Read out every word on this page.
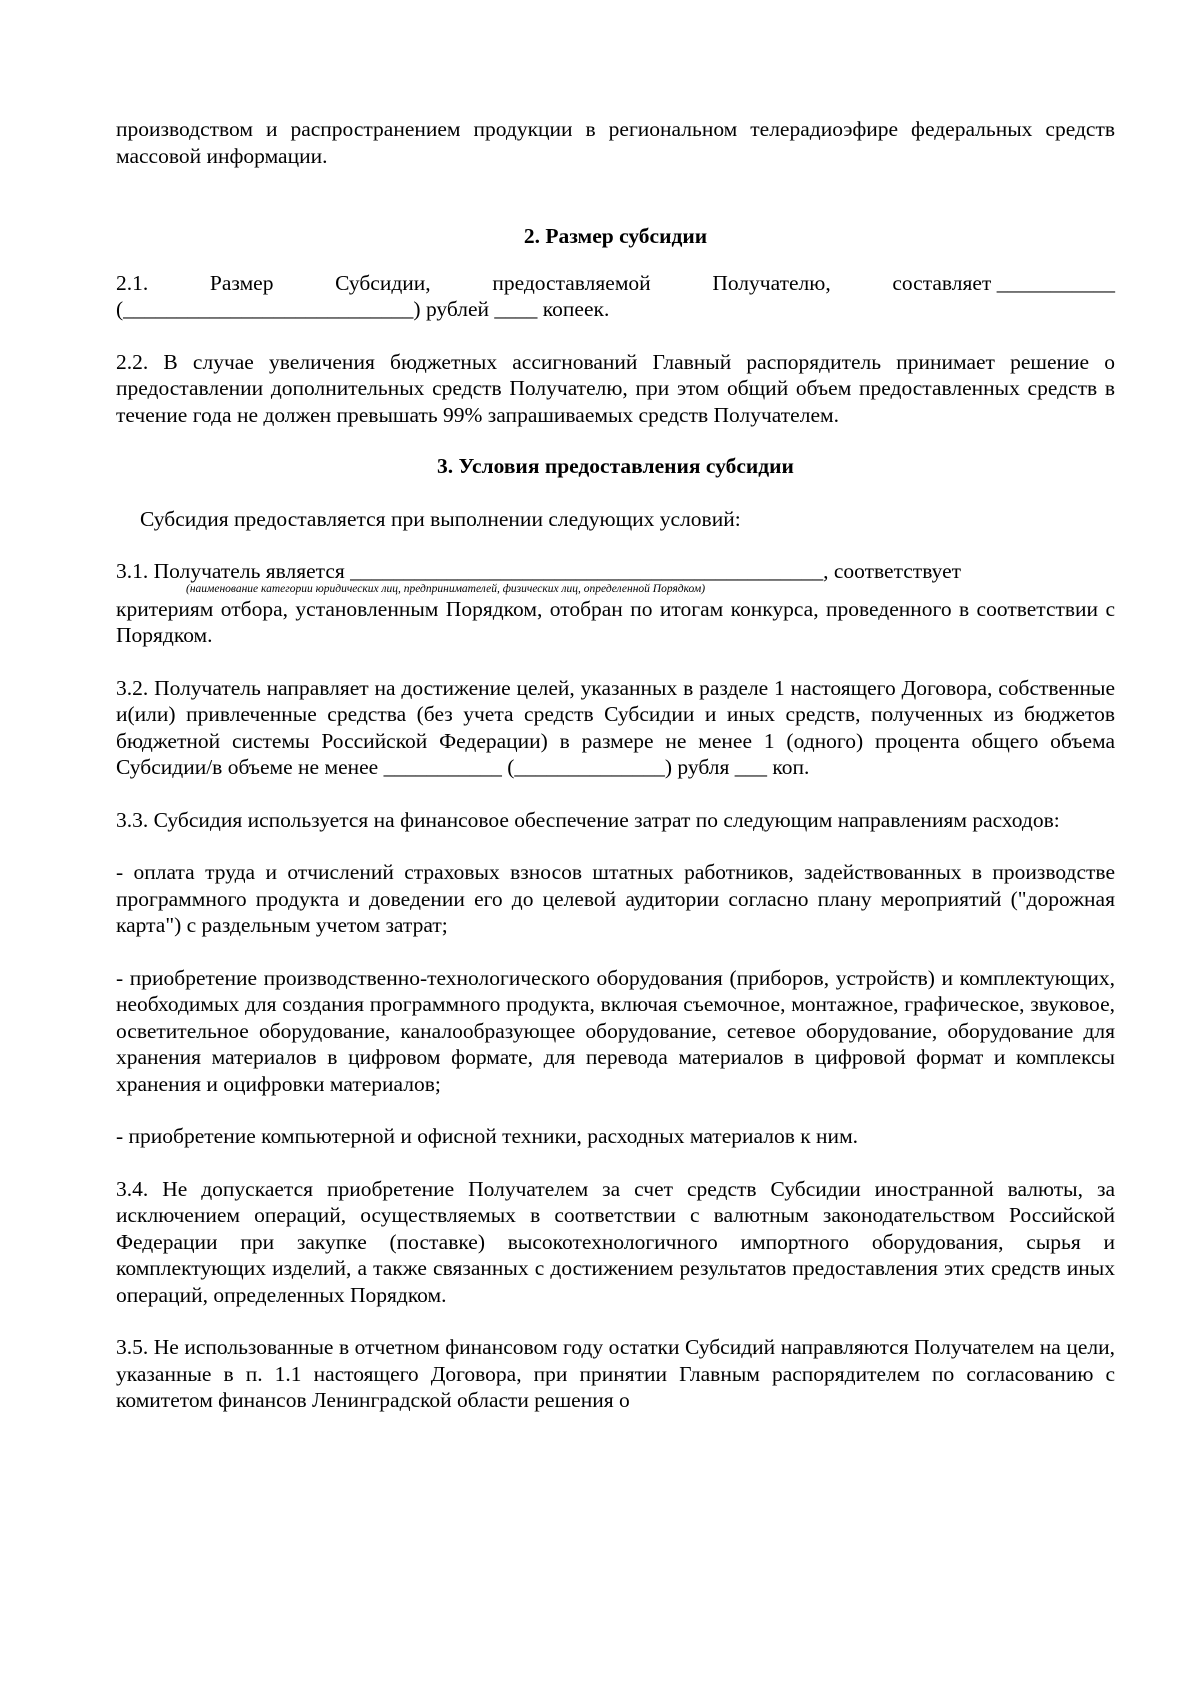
производством и распространением продукции в региональном телерадиоэфире федеральных средств массовой информации.

2. Размер субсидии

2.1.	Размер	Субсидии,	предоставляемой	Получателю,	составляет ___________
(___________________________) рублей ____ копеек.

2.2. В случае увеличения бюджетных ассигнований Главный распорядитель принимает решение о предоставлении дополнительных средств Получателю, при этом общий объем предоставленных средств в течение года не должен превышать 99% запрашиваемых средств Получателем.

3. Условия предоставления субсидии

Субсидия предоставляется при выполнении следующих условий:

3.1. Получатель является ____________________________________________, соответствует
(наименование категории юридических лиц, предпринимателей, физических лиц, определенной Порядком)

критериям отбора, установленным Порядком, отобран по итогам конкурса, проведенного в соответствии с Порядком.

3.2. Получатель направляет на достижение целей, указанных в разделе 1 настоящего Договора, собственные и(или) привлеченные средства (без учета средств Субсидии и иных средств, полученных из бюджетов бюджетной системы Российской Федерации) в размере не менее 1 (одного) процента общего объема Субсидии/в объеме не менее ___________ (______________) рубля ___ коп.

3.3. Субсидия используется на финансовое обеспечение затрат по следующим направлениям расходов:

- оплата труда и отчислений страховых взносов штатных работников, задействованных в производстве программного продукта и доведении его до целевой аудитории согласно плану мероприятий ("дорожная карта") с раздельным учетом затрат;

- приобретение производственно-технологического оборудования (приборов, устройств) и комплектующих, необходимых для создания программного продукта, включая съемочное, монтажное, графическое, звуковое, осветительное оборудование, каналообразующее оборудование, сетевое оборудование, оборудование для хранения материалов в цифровом формате, для перевода материалов в цифровой формат и комплексы хранения и оцифровки материалов;

- приобретение компьютерной и офисной техники, расходных материалов к ним.

3.4. Не допускается приобретение Получателем за счет средств Субсидии иностранной валюты, за исключением операций, осуществляемых в соответствии с валютным законодательством Российской Федерации при закупке (поставке) высокотехнологичного импортного оборудования, сырья и комплектующих изделий, а также связанных с достижением результатов предоставления этих средств иных операций, определенных Порядком.

3.5. Не использованные в отчетном финансовом году остатки Субсидий направляются Получателем на цели, указанные в п. 1.1 настоящего Договора, при принятии Главным распорядителем по согласованию с комитетом финансов Ленинградской области решения о
